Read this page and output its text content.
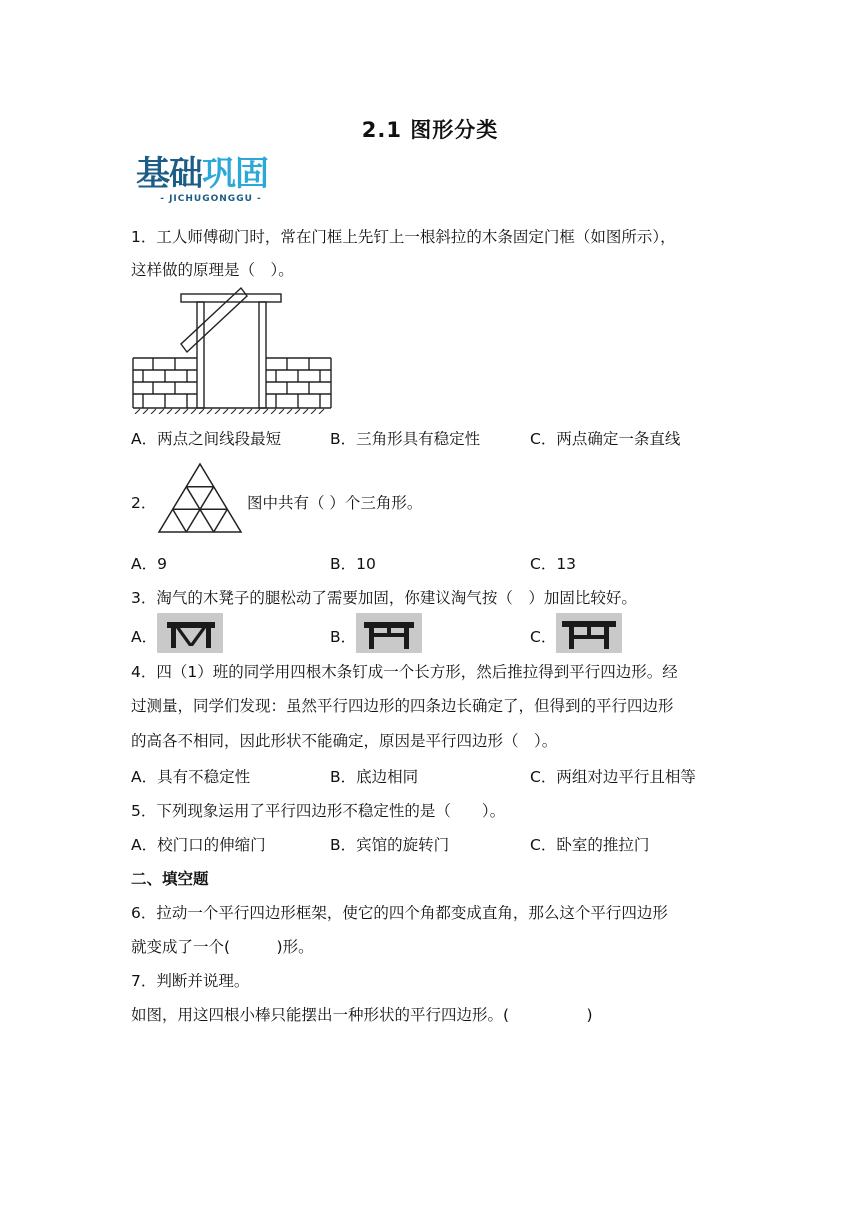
2.1 图形分类
基础巩固
- JICHUGONGGU -
1．工人师傅砌门时，常在门框上先钉上一根斜拉的木条固定门框（如图所示），
这样做的原理是（　）。
A．两点之间线段最短	B．三角形具有稳定性	C．两点确定一条直线
2．	图中共有（ ）个三角形。
A．9	B．10	C．13
3．淘气的木凳子的腿松动了需要加固，你建议淘气按（　）加固比较好。
A．	B．	C．
4．四（1）班的同学用四根木条钉成一个长方形，然后推拉得到平行四边形。经
过测量，同学们发现：虽然平行四边形的四条边长确定了，但得到的平行四边形
的高各不相同，因此形状不能确定，原因是平行四边形（　）。
A．具有不稳定性	B．底边相同	C．两组对边平行且相等
5．下列现象运用了平行四边形不稳定性的是（　　）。
A．校门口的伸缩门	B．宾馆的旋转门	C．卧室的推拉门
二、填空题
6．拉动一个平行四边形框架，使它的四个角都变成直角，那么这个平行四边形
就变成了一个(　　　)形。
7．判断并说理。
如图，用这四根小棒只能摆出一种形状的平行四边形。(　　　　　)
